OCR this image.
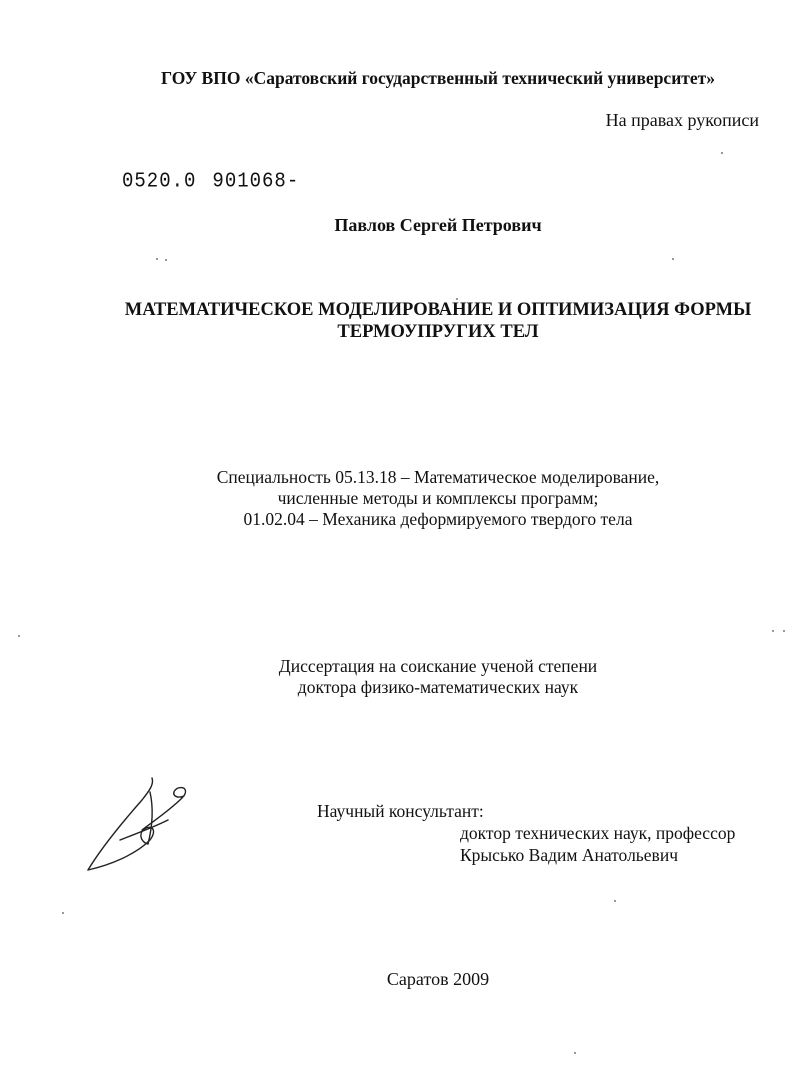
ГОУ ВПО «Саратовский государственный технический университет»
На правах рукописи
0520.0 901068-
Павлов Сергей Петрович
МАТЕМАТИЧЕСКОЕ МОДЕЛИРОВАНИЕ И ОПТИМИЗАЦИЯ ФОРМЫ
ТЕРМОУПРУГИХ ТЕЛ
Специальность 05.13.18 – Математическое моделирование,
численные методы и комплексы программ;
01.02.04 – Механика деформируемого твердого тела
Диссертация на соискание ученой степени
доктора физико-математических наук
Научный консультант:
доктор технических наук, профессор
Крысько Вадим Анатольевич
Саратов 2009
